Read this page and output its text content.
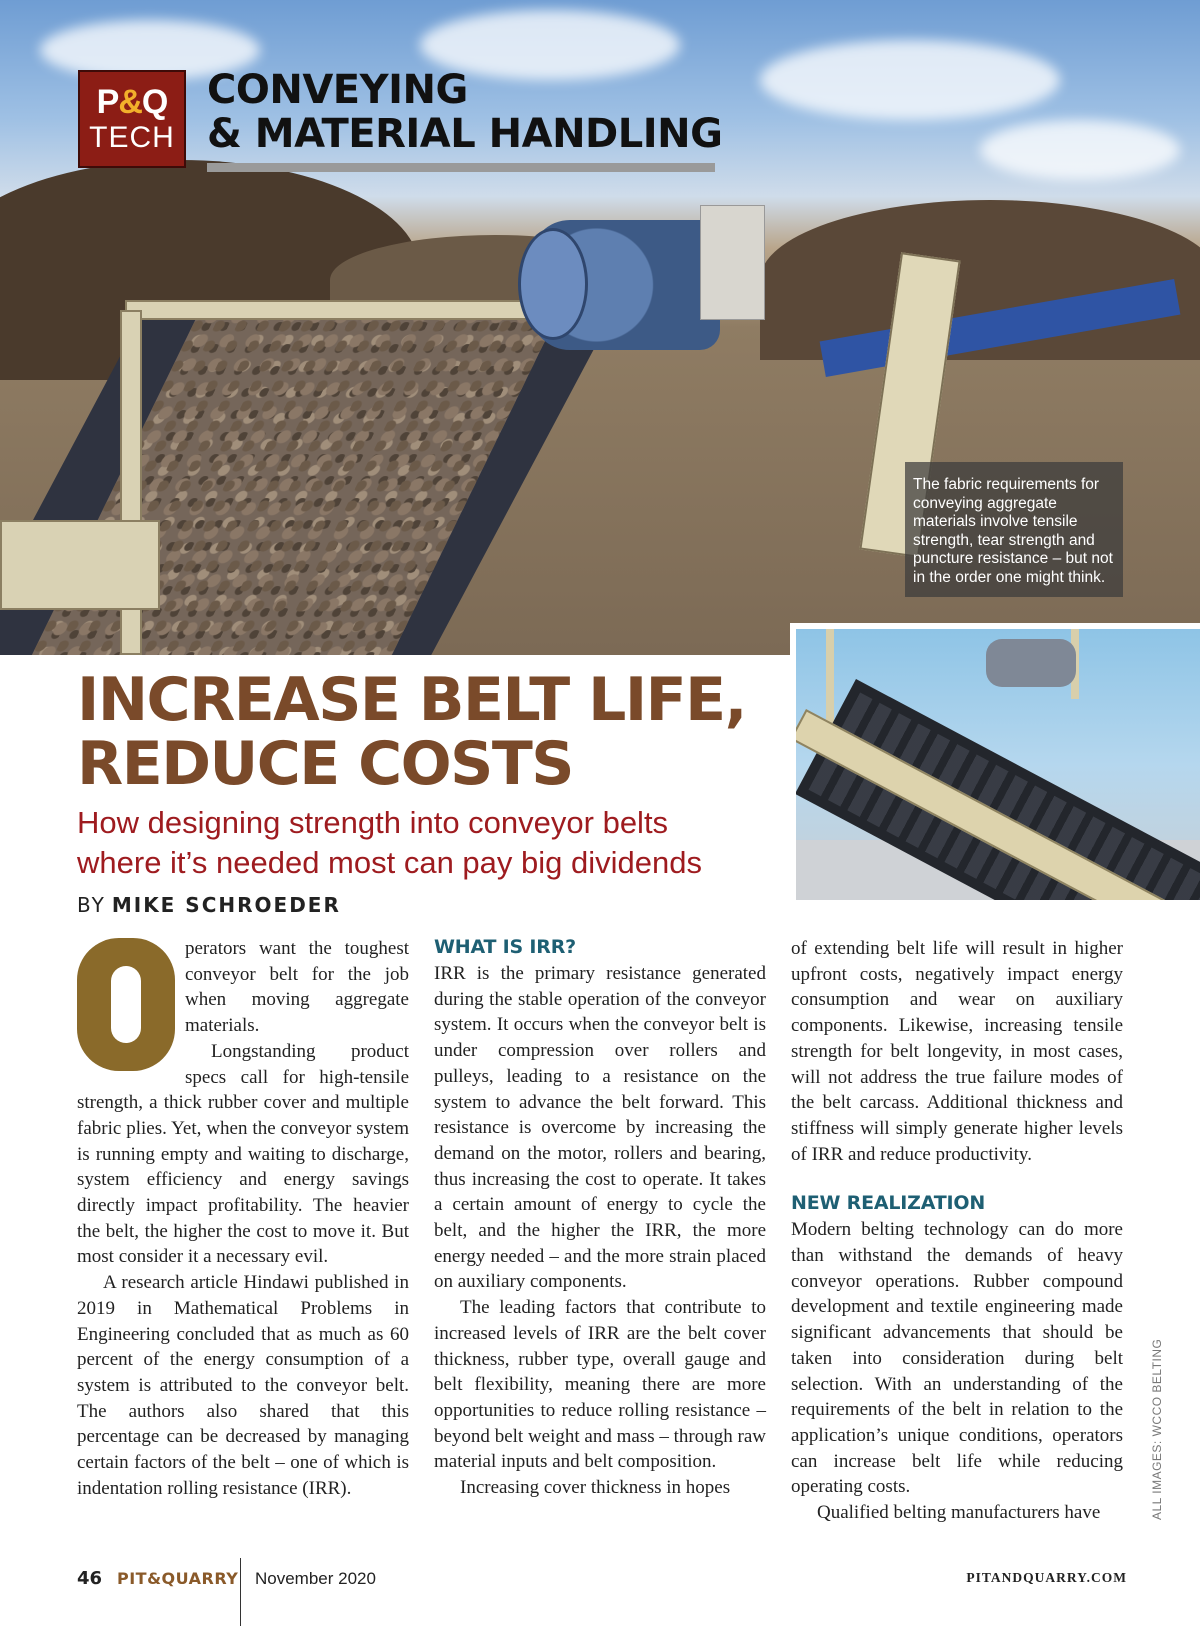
P&Q
TECH
CONVEYING
& MATERIAL HANDLING
The fabric requirements for conveying aggregate materials involve tensile strength, tear strength and puncture resistance – but not in the order one might think.
INCREASE BELT LIFE,
REDUCE COSTS
How designing strength into conveyor belts
where it’s needed most can pay big dividends
BY MIKE SCHROEDER

perators want the toughest conveyor belt for the job when moving aggregate materials.

Longstanding product specs call for high-tensile strength, a thick rubber cover and multiple fabric plies. Yet, when the conveyor system is running empty and waiting to discharge, system efficiency and energy savings directly impact profitability. The heavier the belt, the higher the cost to move it. But most consider it a necessary evil.

A research article Hindawi published in 2019 in Mathematical Problems in Engineering concluded that as much as 60 percent of the energy consumption of a system is attributed to the conveyor belt. The authors also shared that this percentage can be decreased by managing certain factors of the belt – one of which is indentation rolling resistance (IRR).

WHAT IS IRR?

IRR is the primary resistance generated during the stable operation of the conveyor system. It occurs when the conveyor belt is under compression over rollers and pulleys, leading to a resistance on the system to advance the belt forward. This resistance is overcome by increasing the demand on the motor, rollers and bearing, thus increasing the cost to operate. It takes a certain amount of energy to cycle the belt, and the higher the IRR, the more energy needed – and the more strain placed on auxiliary components.

The leading factors that contribute to increased levels of IRR are the belt cover thickness, rubber type, overall gauge and belt flexibility, meaning there are more opportunities to reduce rolling resistance – beyond belt weight and mass – through raw material inputs and belt composition.

Increasing cover thickness in hopes

of extending belt life will result in higher upfront costs, negatively impact energy consumption and wear on auxiliary components. Likewise, increasing tensile strength for belt longevity, in most cases, will not address the true failure modes of the belt carcass. Additional thickness and stiffness will simply generate higher levels of IRR and reduce productivity.

NEW REALIZATION

Modern belting technology can do more than withstand the demands of heavy conveyor operations. Rubber compound development and textile engineering made significant advancements that should be taken into consideration during belt selection. With an understanding of the requirements of the belt in relation to the application’s unique conditions, operators can increase belt life while reducing operating costs.

Qualified belting manufacturers have	ALL IMAGES: WCCO BELTING
46 PIT&QUARRY November 2020	PITANDQUARRY.COM
